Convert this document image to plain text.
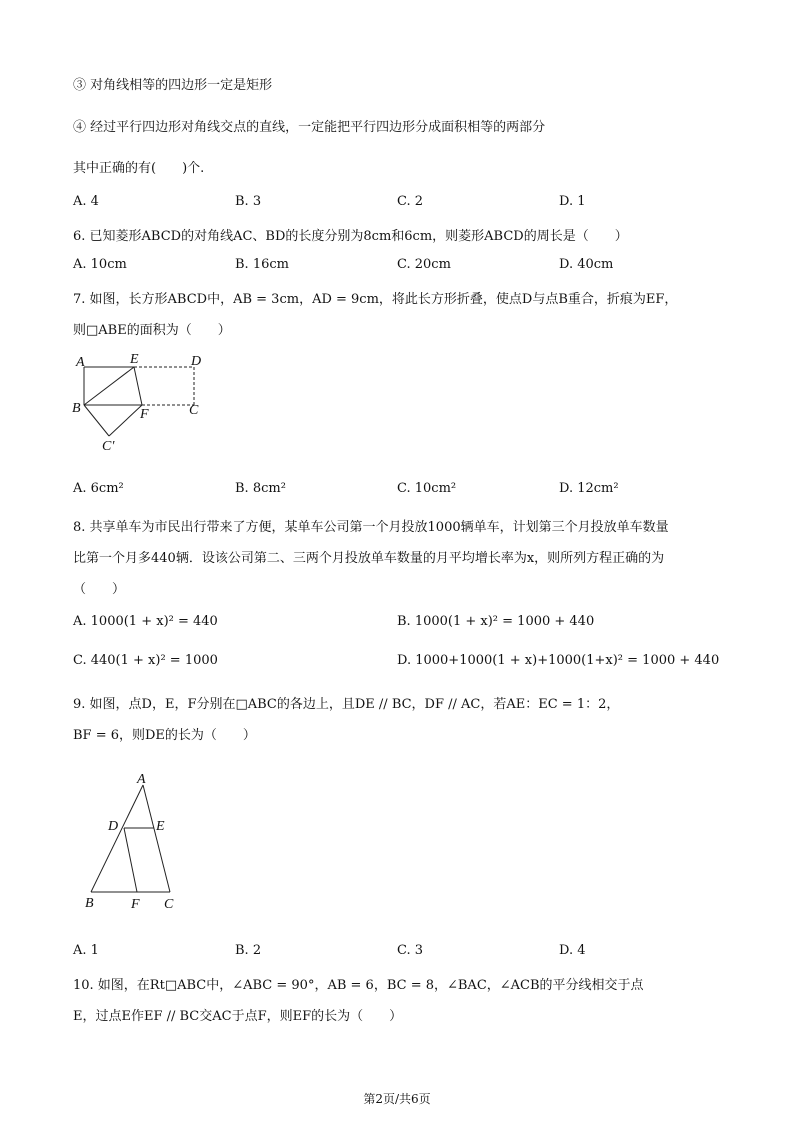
③ 对角线相等的四边形一定是矩形
④ 经过平行四边形对角线交点的直线，一定能把平行四边形分成面积相等的两部分
其中正确的有(　　)个.
A. 4	B. 3	C. 2	D. 1
6. 已知菱形ABCD的对角线AC、BD的长度分别为8cm和6cm，则菱形ABCD的周长是（　　）
A. 10cm	B. 16cm	C. 20cm	D. 40cm
7. 如图，长方形ABCD中，AB = 3cm，AD = 9cm，将此长方形折叠，使点D与点B重合，折痕为EF，
则□ABE的面积为（　　）
A	E	D
B	F	C
C′
A. 6cm²	B. 8cm²	C. 10cm²	D. 12cm²
8. 共享单车为市民出行带来了方便，某单车公司第一个月投放1000辆单车，计划第三个月投放单车数量
比第一个月多440辆．设该公司第二、三两个月投放单车数量的月平均增长率为x，则所列方程正确的为
（　　）
A. 1000(1 + x)² = 440	B. 1000(1 + x)² = 1000 + 440
C. 440(1 + x)² = 1000	D. 1000+1000(1 + x)+1000(1+x)² = 1000 + 440
9. 如图，点D，E，F分别在□ABC的各边上，且DE // BC，DF // AC，若AE：EC = 1：2，
BF = 6，则DE的长为（　　）
A
D	E
B	F C
A. 1	B. 2	C. 3	D. 4
10. 如图，在Rt□ABC中，∠ABC = 90°，AB = 6，BC = 8，∠BAC，∠ACB的平分线相交于点
E，过点E作EF // BC交AC于点F，则EF的长为（　　）
第2页/共6页
